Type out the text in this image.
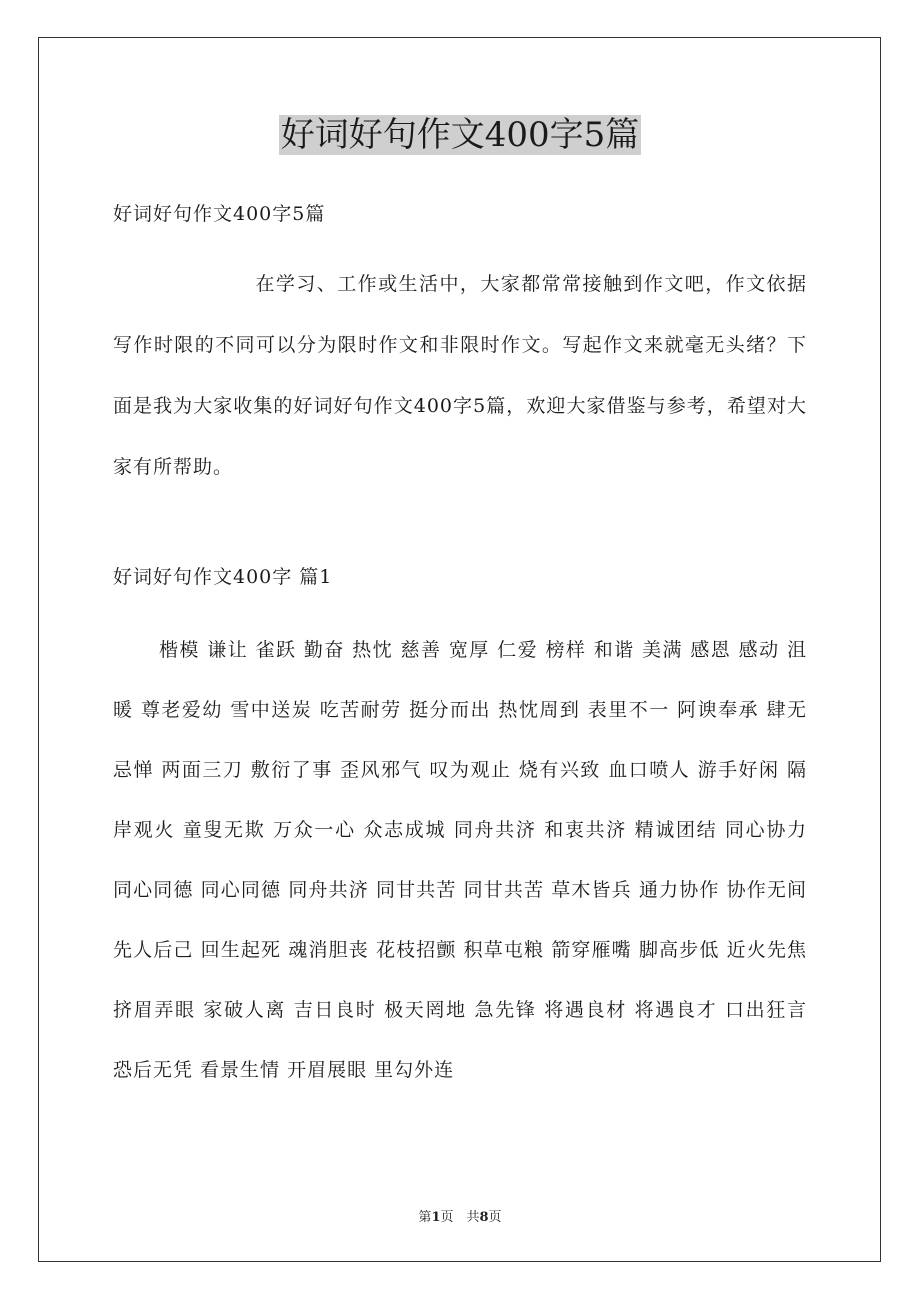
好词好句作文400字5篇
好词好句作文400字5篇
在学习、工作或生活中，大家都常常接触到作文吧，作文依据写作时限的不同可以分为限时作文和非限时作文。写起作文来就毫无头绪？下面是我为大家收集的好词好句作文400字5篇，欢迎大家借鉴与参考，希望对大家有所帮助。
好词好句作文400字 篇1
楷模 谦让 雀跃 勤奋 热忱 慈善 宽厚 仁爱 榜样 和谐 美满 感恩 感动 沮暖 尊老爱幼 雪中送炭 吃苦耐劳 挺分而出 热忱周到 表里不一 阿谀奉承 肆无忌惮 两面三刀 敷衍了事 歪风邪气 叹为观止 烧有兴致 血口喷人 游手好闲 隔岸观火 童叟无欺 万众一心 众志成城 同舟共济 和衷共济 精诚团结 同心协力 同心同德 同心同德 同舟共济 同甘共苦 同甘共苦 草木皆兵 通力协作 协作无间 先人后己 回生起死 魂消胆丧 花枝招颤 积草屯粮 箭穿雁嘴 脚高步低 近火先焦 挤眉弄眼 家破人离 吉日良时 极天罔地 急先锋 将遇良材 将遇良才 口出狂言 恐后无凭 看景生情 开眉展眼 里勾外连
第1页　共8页
